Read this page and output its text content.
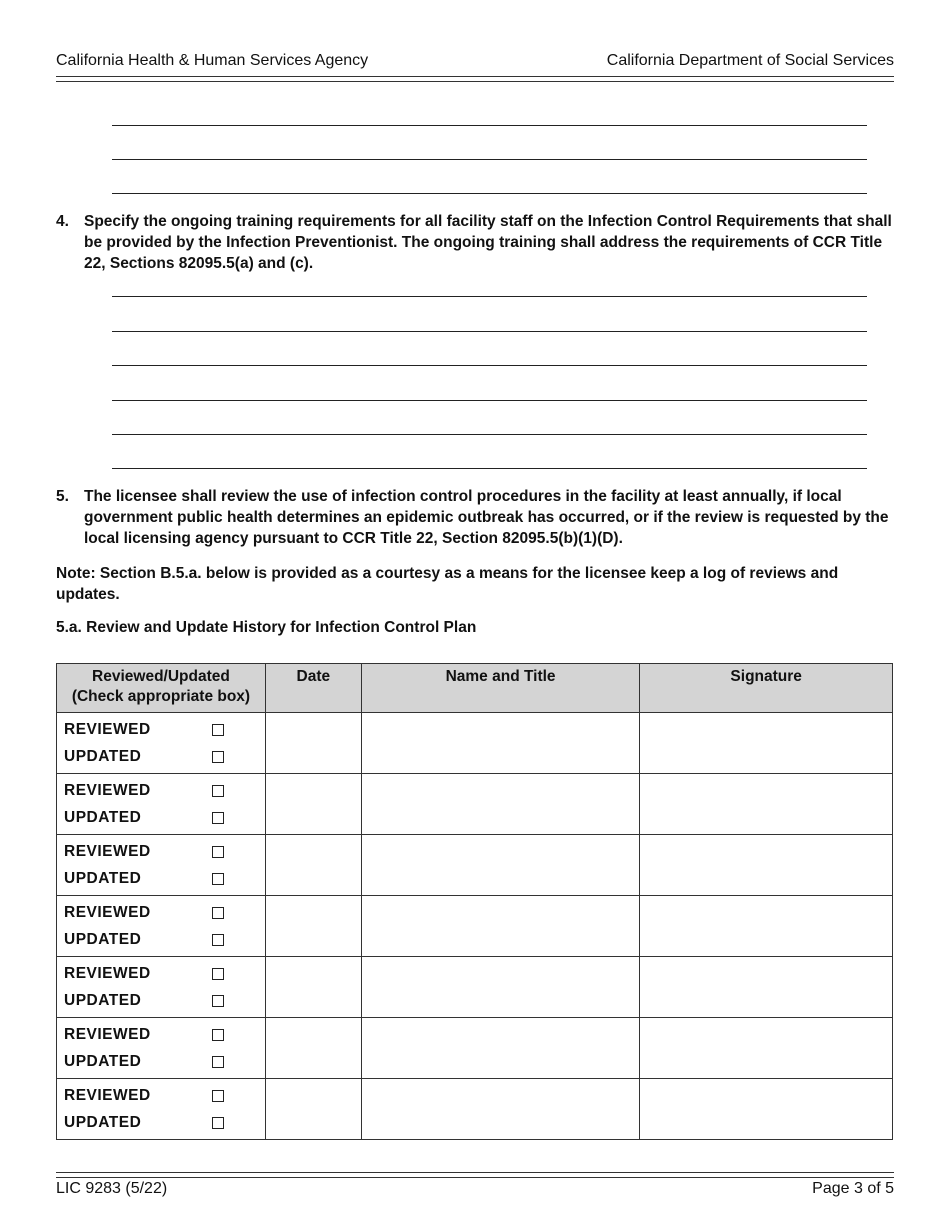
California Health & Human Services Agency	California Department of Social Services
4. Specify the ongoing training requirements for all facility staff on the Infection Control Requirements that shall be provided by the Infection Preventionist. The ongoing training shall address the requirements of CCR Title 22, Sections 82095.5(a) and (c).
5. The licensee shall review the use of infection control procedures in the facility at least annually, if local government public health determines an epidemic outbreak has occurred, or if the review is requested by the local licensing agency pursuant to CCR Title 22, Section 82095.5(b)(1)(D).
Note: Section B.5.a. below is provided as a courtesy as a means for the licensee keep a log of reviews and updates.
5.a. Review and Update History for Infection Control Plan
Reviewed/Updated
(Check appropriate box)	Date	Name and Title	Signature

REVIEWED
UPDATED			

REVIEWED
UPDATED			

REVIEWED
UPDATED			

REVIEWED
UPDATED			

REVIEWED
UPDATED			

REVIEWED
UPDATED			

REVIEWED
UPDATED			

LIC 9283 (5/22)	Page 3 of 5
